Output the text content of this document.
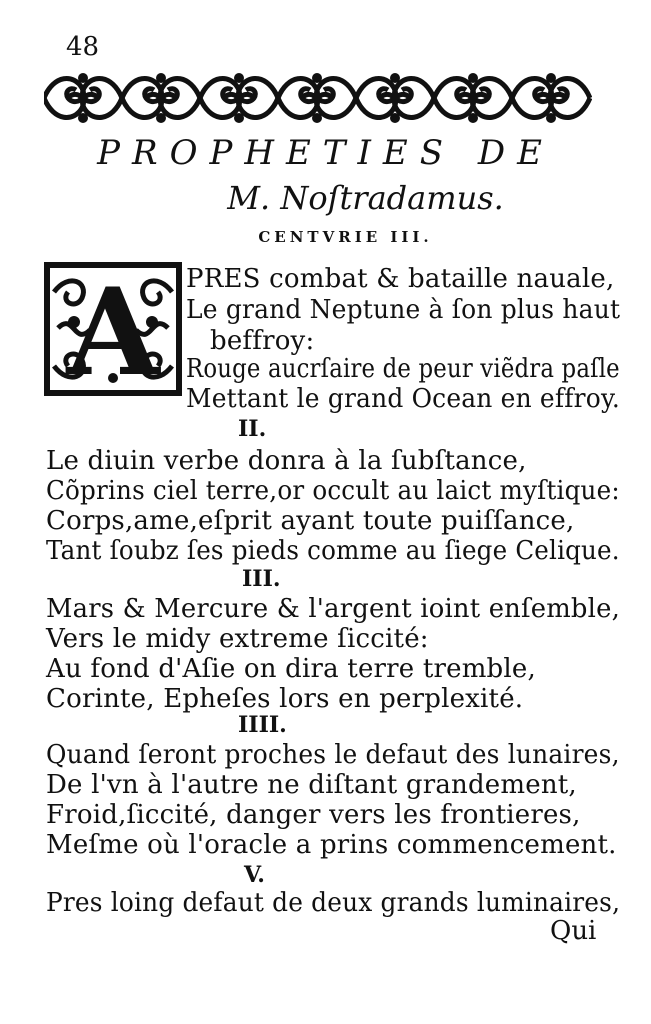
48
PROPHETIES DE
M. Noſtradamus.
CENTVRIE III.
A PRES combat & bataille nauale,
Le grand Neptune à ſon plus haut
beffroy:
Rouge aucrſaire de peur viẽdra paſle
Mettant le grand Ocean en effroy.
II.
Le diuin verbe donra à la ſubſtance,
Cõprins ciel terre,or occult au laict myſtique:
Corps,ame,eſprit ayant toute puiſſance,
Tant ſoubz ſes pieds comme au ſiege Celique.
III.
Mars & Mercure & l'argent ioint enſemble,
Vers le midy extreme ſiccité:
Au fond d'Aſie on dira terre tremble,
Corinte, Epheſes lors en perplexité.
IIII.
Quand ſeront proches le defaut des lunaires,
De l'vn à l'autre ne diſtant grandement,
Froid,ſiccité, danger vers les frontieres,
Meſme où l'oracle a prins commencement.
V.
Pres loing defaut de deux grands luminaires,
Qui
